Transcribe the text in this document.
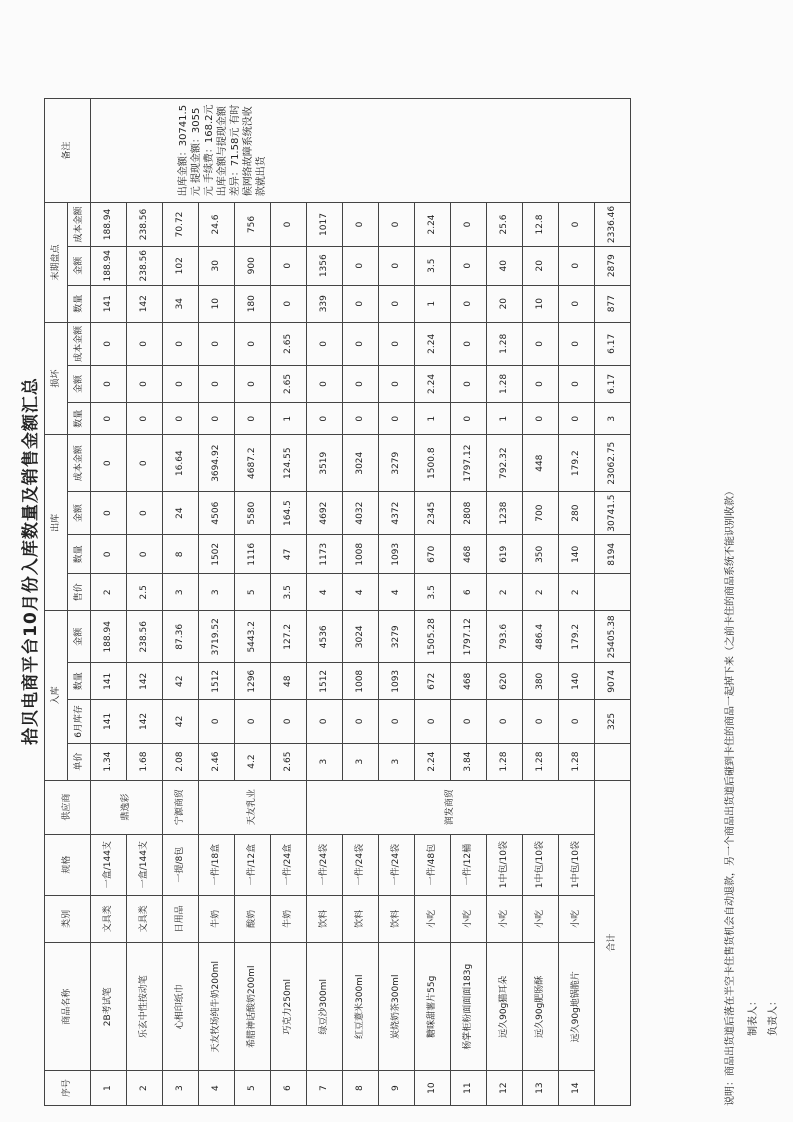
拾贝电商平台10月份入库数量及销售金额汇总
序号	商品名称	类别	规格	供应商	入库				出库				损坏			末期盘点			备注
					单价	6月库存	数量	金额	售价	数量	金额	成本金额	数量	金额	成本金额	数量	金额	成本金额	
1	2B考试笔	文具类	一盒/144支	鼎逸彩	1.34	141	141	188.94	2	0	0	0	0	0	0	141	188.94	188.94	出库金额：30741.5元 提现金额：3055元 手续费：168.2元 出库金额与提现金额差异：71.58元 有时候网络故障系统没收款就出货
2	乐玄中性按动笔	文具类	一盒/144支		1.68	142	142	238.56	2.5	0	0	0	0	0	0	142	238.56	238.56	
3	心相印纸巾	日用品	一提/8包	宁源商贸	2.08	42	42	87.36	3	8	24	16.64	0	0	0	34	102	70.72	
4	天友牧场纯牛奶200ml	牛奶	一件/18盒	天友乳业	2.46	0	1512	3719.52	3	1502	4506	3694.92	0	0	0	10	30	24.6	
5	希腊神话酸奶200ml	酸奶	一件/12盒		4.2	0	1296	5443.2	5	1116	5580	4687.2	0	0	0	180	900	756	
6	巧克力250ml	牛奶	一件/24盒		2.65	0	48	127.2	3.5	47	164.5	124.55	1	2.65	2.65	0	0	0	
7	绿豆沙300ml	饮料	一件/24袋	润发商贸	3	0	1512	4536	4	1173	4692	3519	0	0	0	339	1356	1017	
8	红豆薏米300ml	饮料	一件/24袋		3	0	1008	3024	4	1008	4032	3024	0	0	0	0	0	0	
9	炭烧奶茶300ml	饮料	一件/24袋		3	0	1093	3279	4	1093	4372	3279	0	0	0	0	0	0	
10	糖咪甜薯片55g	小吃	一件/48包		2.24	0	672	1505.28	3.5	670	2345	1500.8	1	2.24	2.24	1	3.5	2.24	
11	杨掌柜粉面面面183g	小吃	一件/12桶		3.84	0	468	1797.12	6	468	2808	1797.12	0	0	0	0	0	0	
12	远久90g猫耳朵	小吃	1中包/10袋		1.28	0	620	793.6	2	619	1238	792.32	1	1.28	1.28	20	40	25.6	
13	远久90g肥肠酥	小吃	1中包/10袋		1.28	0	380	486.4	2	350	700	448	0	0	0	10	20	12.8	
14	远久90g地锅脆片	小吃	1中包/10袋		1.28	0	140	179.2	2	140	280	179.2	0	0	0	0	0	0	
合计						325	9074	25405.38		8194	30741.5	23062.75	3	6.17	6.17	877	2879	2336.46	
说明：商品出货道后落在半空卡住售货机会自动退款，另一个商品出货道后碰到卡住的商品一起掉下来（之前卡住的商品系统不能识别收款）	制表人： 负责人：
